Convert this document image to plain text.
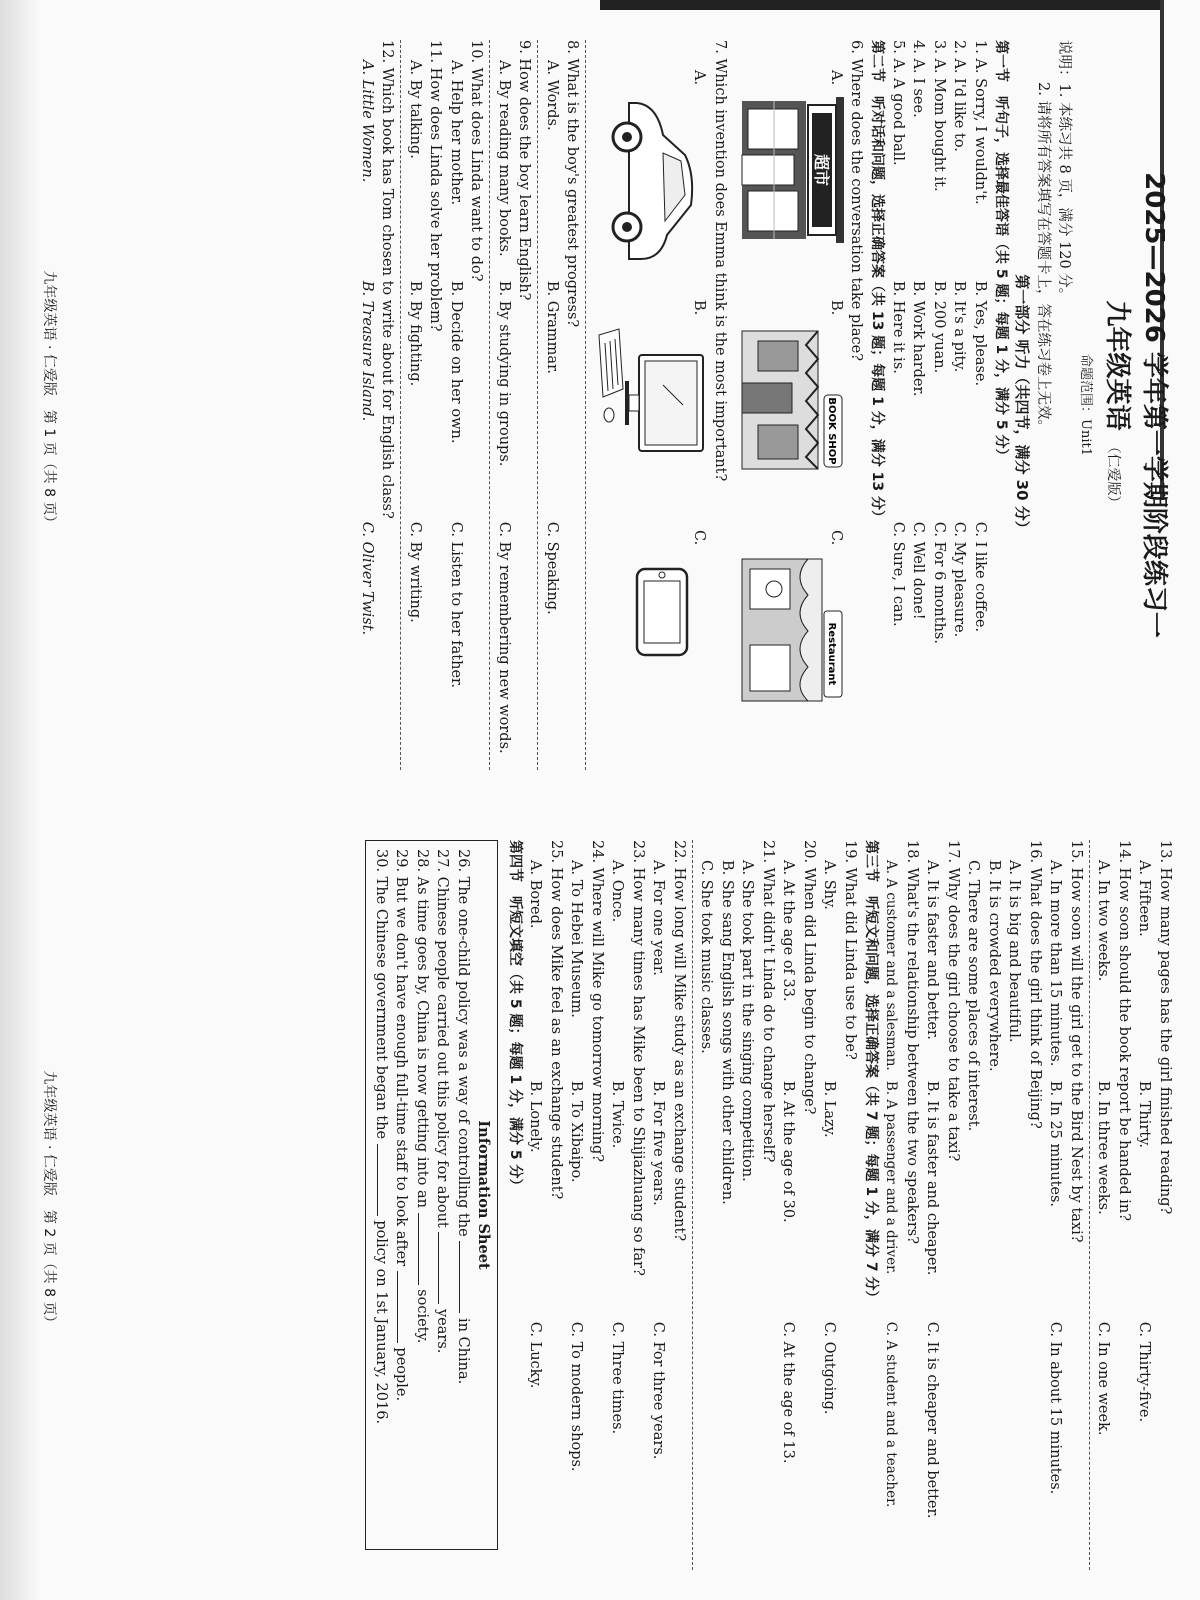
2025—2026 学年第一学期阶段练习一
九年级英语 （仁爱版）
命题范围：Unit1
说明：1. 本练习共 8 页，满分 120 分。
2. 请将所有答案填写在答题卡上，答在练习卷上无效。
第一部分 听力（共四节，满分 30 分）
第一节　听句子，选择最佳答语（共 5 题；每题 1 分，满分 5 分）
1. A. Sorry, I wouldn't.
B. Yes, please.
C. I like coffee.
2. A. I'd like to.
B. It's a pity.
C. My pleasure.
3. A. Mom bought it.
B. 200 yuan.
C. For 6 months.
4. A. I see.
B. Work harder.
C. Well done!
5. A. A good ball.
B. Here it is.
C. Sure, I can.
第二节　听对话和问题，选择正确答案（共 13 题；每题 1 分，满分 13 分）
6. Where does the conversation take place?
A.
超市
B.
BOOK SHOP
C.
Restaurant
7. Which invention does Emma think is the most important?
A.
B.
C.
8. What is the boy's greatest progress?
A. Words.
B. Grammar.
C. Speaking.
9. How does the boy learn English?
A. By reading many books.
B. By studying in groups.
C. By remembering new words.
10. What does Linda want to do?
A. Help her mother.
B. Decide on her own.
C. Listen to her father.
11. How does Linda solve her problem?
A. By talking.
B. By fighting.
C. By writing.
12. Which book has Tom chosen to write about for English class?
A. Little Women.
B. Treasure Island.
C. Oliver Twist.
九年级英语 · 仁爱版　第 1 页（共 8 页）
13. How many pages has the girl finished reading?
A. Fifteen.
B. Thirty.
C. Thirty-five.
14. How soon should the book report be handed in?
A. In two weeks.
B. In three weeks.
C. In one week.
15. How soon will the girl get to the Bird Nest by taxi?
A. In more than 15 minutes.
B. In 25 minutes.
C. In about 15 minutes.
16. What does the girl think of Beijing?
A. It is big and beautiful.
B. It is crowded everywhere.
C. There are some places of interest.
17. Why does the girl choose to take a taxi?
A. It is faster and better.
B. It is faster and cheaper.
C. It is cheaper and better.
18. What's the relationship between the two speakers?
A. A customer and a salesman.
B. A passenger and a driver.
C. A student and a teacher.
第三节　听短文和问题，选择正确答案（共 7 题；每题 1 分，满分 7 分）
19. What did Linda use to be?
A. Shy.
B. Lazy.
C. Outgoing.
20. When did Linda begin to change?
A. At the age of 33.
B. At the age of 30.
C. At the age of 13.
21. What didn't Linda do to change herself?
A. She took part in the singing competition.
B. She sang English songs with other children.
C. She took music classes.
22. How long will Mike study as an exchange student?
A. For one year.
B. For five years.
C. For three years.
23. How many times has Mike been to Shijiazhuang so far?
A. Once.
B. Twice.
C. Three times.
24. Where will Mike go tomorrow morning?
A. To Hebei Museum.
B. To Xibaipo.
C. To modern shops.
25. How does Mike feel as an exchange student?
A. Bored.
B. Lonely.
C. Lucky.
第四节　听短文填空（共 5 题；每题 1 分，满分 5 分）
Information Sheet
26. The one-child policy was a way of controlling the  in China.
27. Chinese people carried out this policy for about  years.
28. As time goes by, China is now getting into an  society.
29. But we don't have enough full-time staff to look after  people.
30. The Chinese government began the  policy on 1st January, 2016.
九年级英语 · 仁爱版　第 2 页（共 8 页）
